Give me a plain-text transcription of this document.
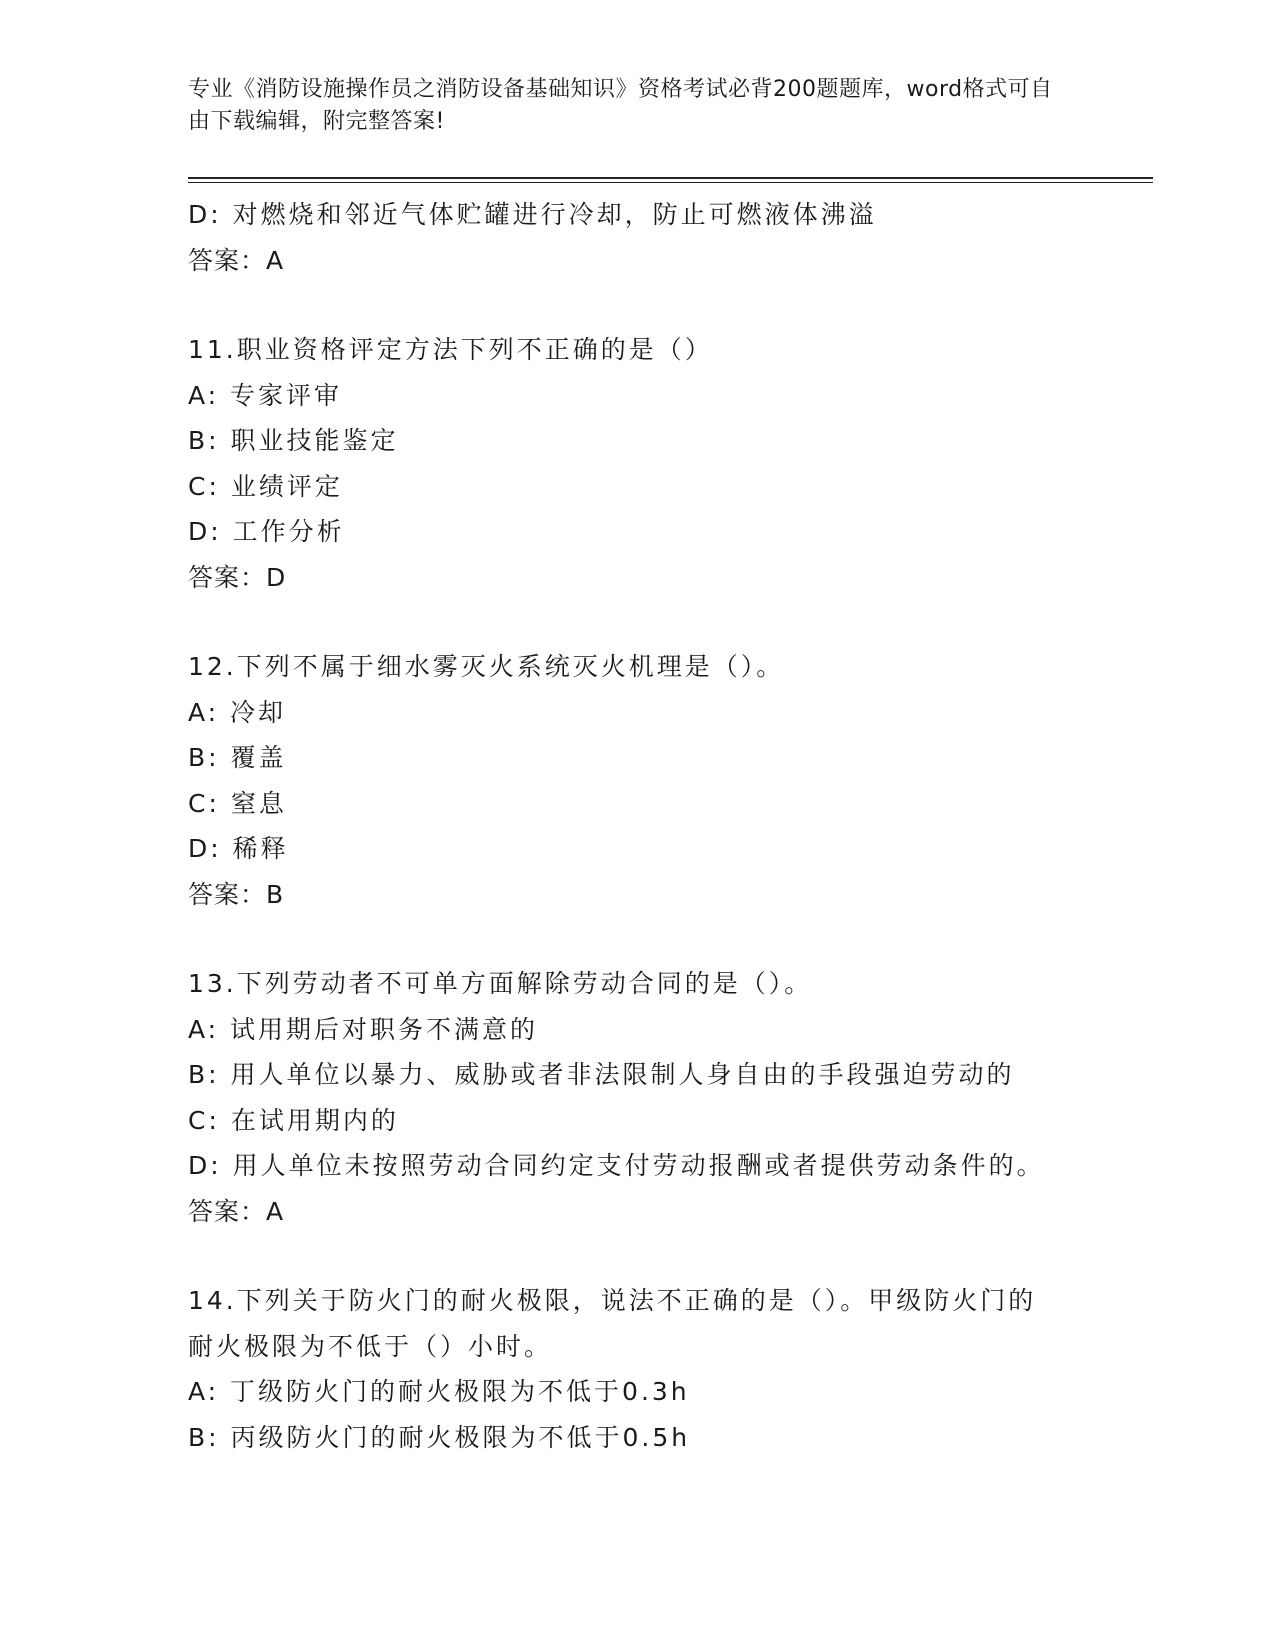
专业《消防设施操作员之消防设备基础知识》资格考试必背200题题库，word格式可自由下载编辑，附完整答案!
D: 对燃烧和邻近气体贮罐进行冷却，防止可燃液体沸溢
答案：A
11.职业资格评定方法下列不正确的是（）
A: 专家评审
B: 职业技能鉴定
C: 业绩评定
D: 工作分析
答案：D
12.下列不属于细水雾灭火系统灭火机理是（）。
A: 冷却
B: 覆盖
C: 窒息
D: 稀释
答案：B
13.下列劳动者不可单方面解除劳动合同的是（）。
A: 试用期后对职务不满意的
B: 用人单位以暴力、威胁或者非法限制人身自由的手段强迫劳动的
C: 在试用期内的
D: 用人单位未按照劳动合同约定支付劳动报酬或者提供劳动条件的。
答案：A
14.下列关于防火门的耐火极限，说法不正确的是（）。甲级防火门的
耐火极限为不低于（）小时。
A: 丁级防火门的耐火极限为不低于0.3h
B: 丙级防火门的耐火极限为不低于0.5h
